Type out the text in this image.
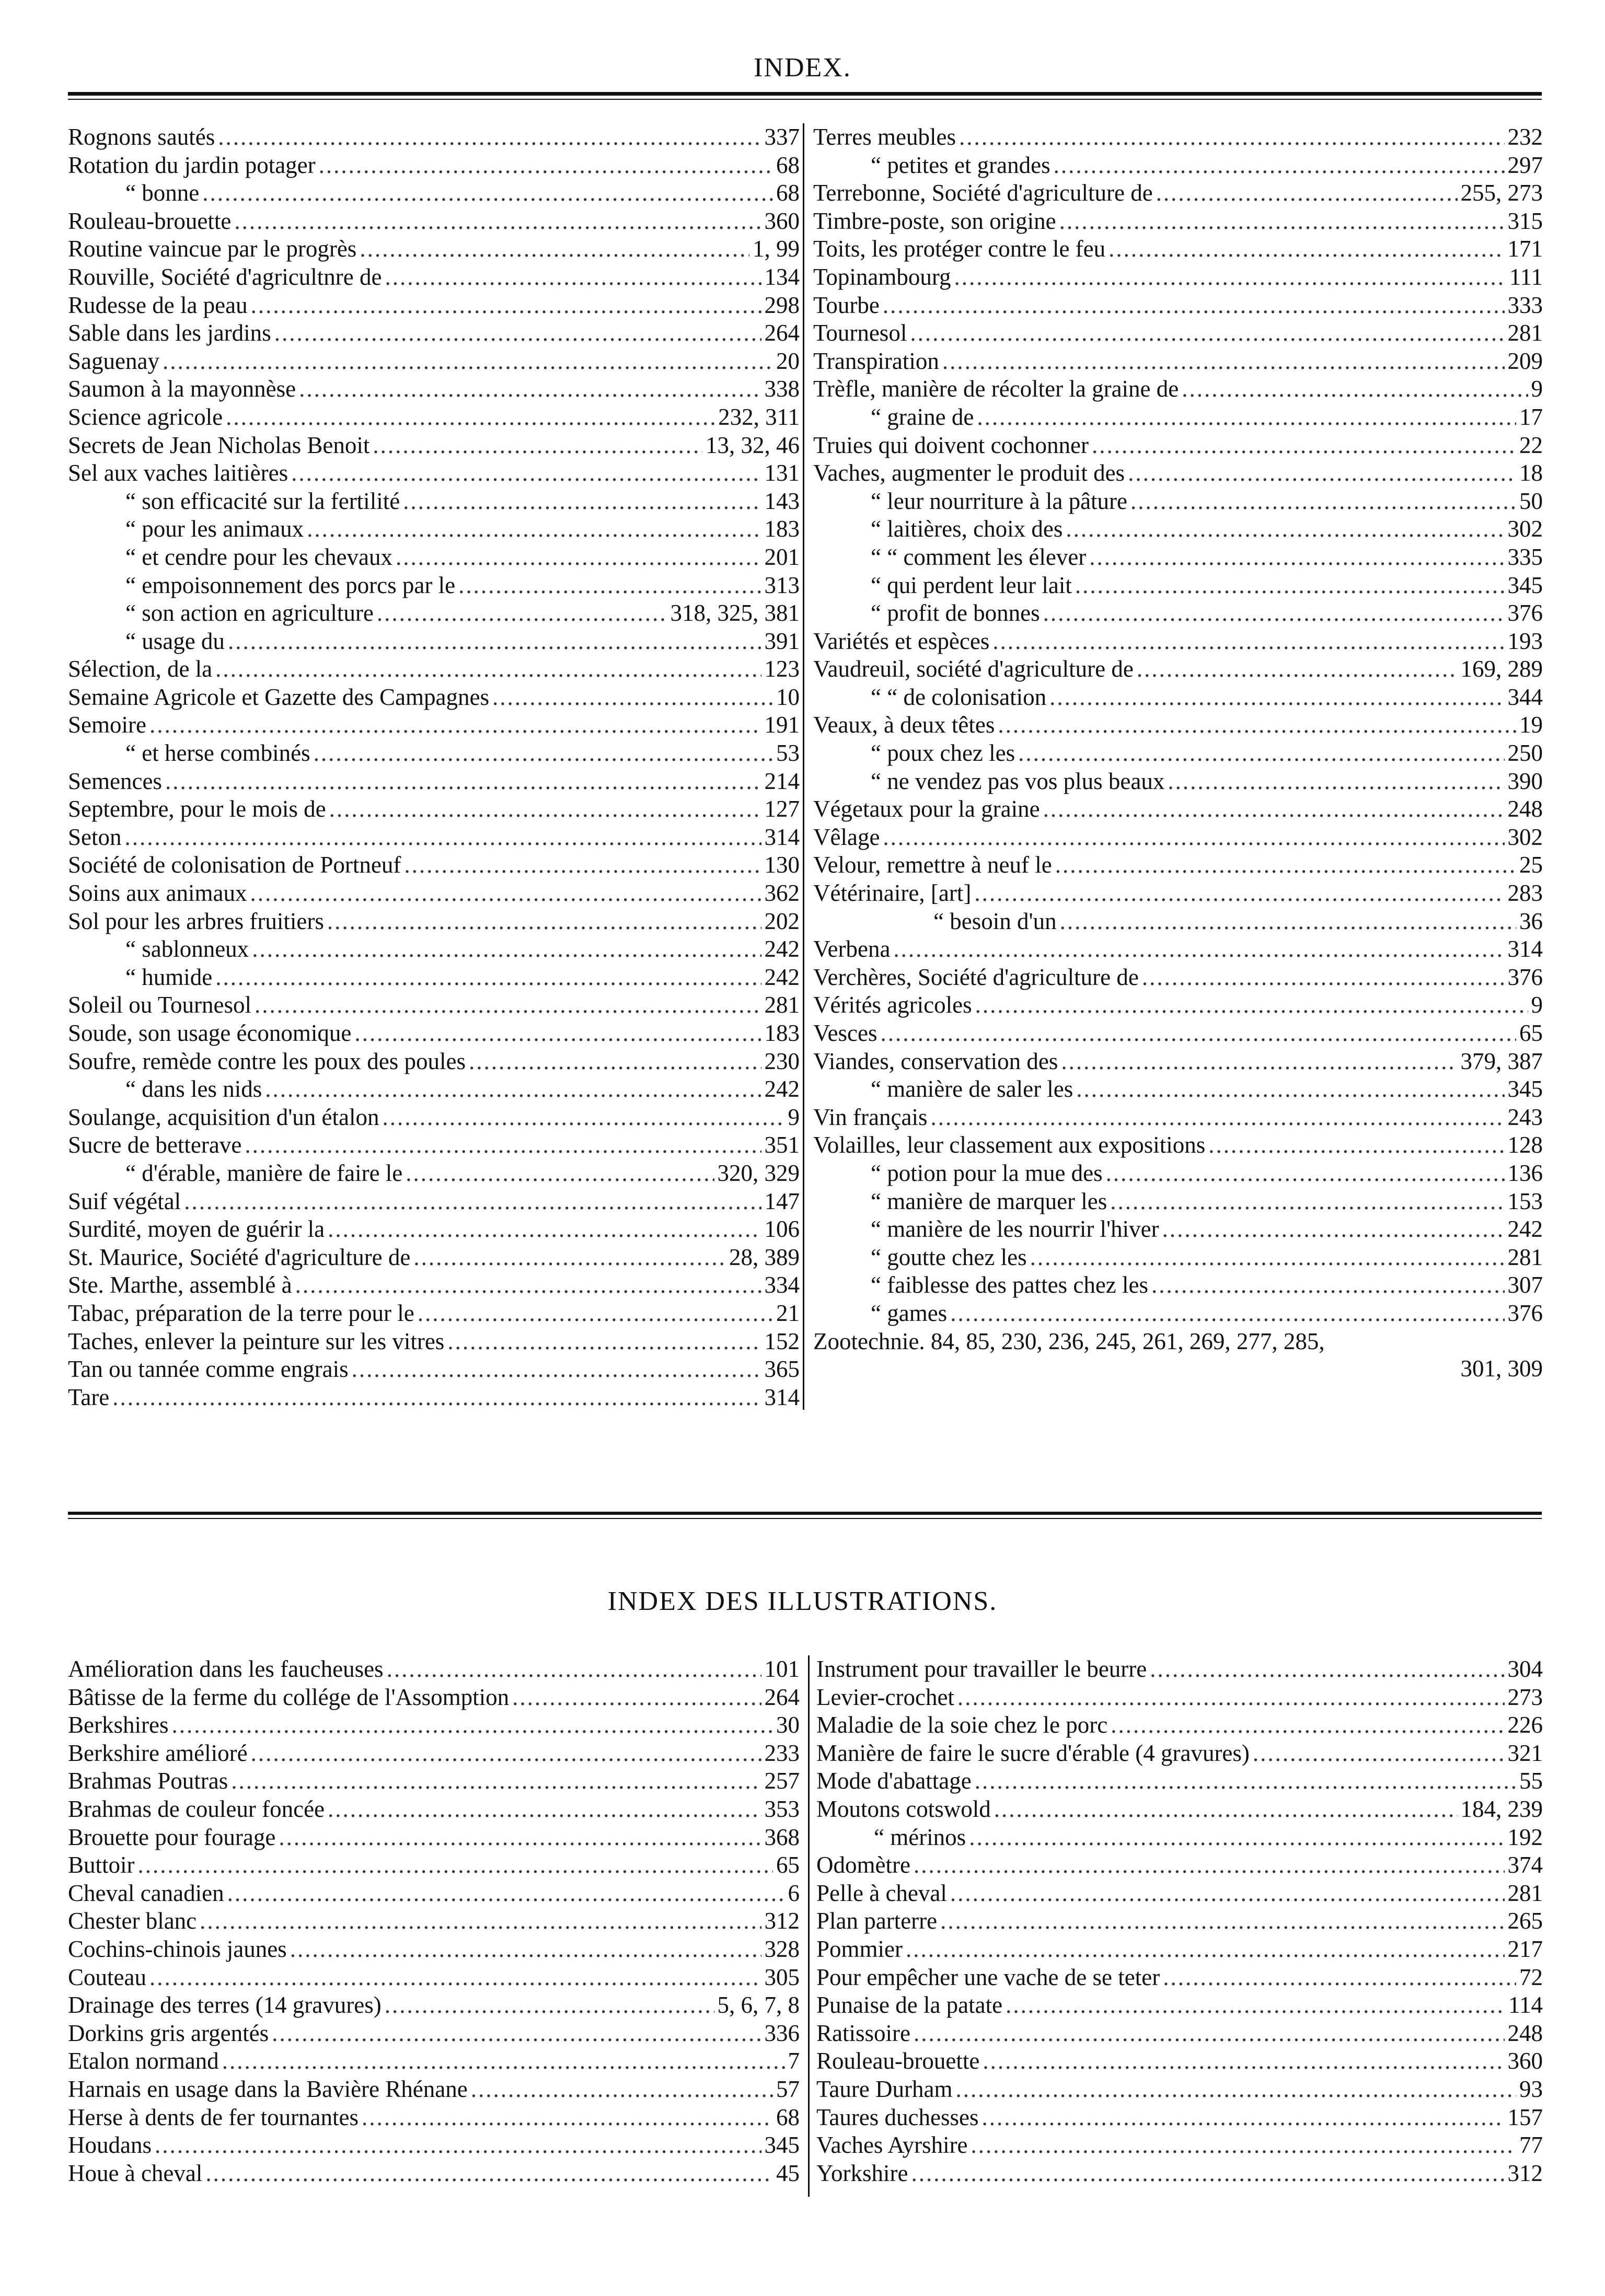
INDEX.
Rognons sautés .....	337
Rotation du jardin potager .....	68
“ bonne .....	68
Rouleau-brouette .....	360
Routine vaincue par le progrès .....	1, 99
Rouville, Société d'agricultnre de .....	134
Rudesse de la peau .....	298
Sable dans les jardins .....	264
Saguenay .....	20
Saumon à la mayonnèse .....	338
Science agricole .....	232, 311
Secrets de Jean Nicholas Benoit .....	13, 32, 46
Sel aux vaches laitières .....	131
“ son efficacité sur la fertilité .....	143
“ pour les animaux .....	183
“ et cendre pour les chevaux .....	201
“ empoisonnement des porcs par le .....	313
“ son action en agriculture .....	318, 325, 381
“ usage du .....	391
Sélection, de la .....	123
Semaine Agricole et Gazette des Campagnes .....	10
Semoire .....	191
“ et herse combinés .....	53
Semences .....	214
Septembre, pour le mois de .....	127
Seton .....	314
Société de colonisation de Portneuf .....	130
Soins aux animaux .....	362
Sol pour les arbres fruitiers .....	202
“ sablonneux .....	242
“ humide .....	242
Soleil ou Tournesol .....	281
Soude, son usage économique .....	183
Soufre, remède contre les poux des poules .....	230
“ dans les nids .....	242
Soulange, acquisition d'un étalon .....	9
Sucre de betterave .....	351
“ d'érable, manière de faire le .....	320, 329
Suif végétal .....	147
Surdité, moyen de guérir la .....	106
St. Maurice, Société d'agriculture de .....	28, 389
Ste. Marthe, assemblé à .....	334
Tabac, préparation de la terre pour le .....	21
Taches, enlever la peinture sur les vitres .....	152
Tan ou tannée comme engrais .....	365
Tare .....	314
Terres meubles .....	232
“ petites et grandes .....	297
Terrebonne, Société d'agriculture de .....	255, 273
Timbre-poste, son origine .....	315
Toits, les protéger contre le feu .....	171
Topinambourg .....	111
Tourbe .....	333
Tournesol .....	281
Transpiration .....	209
Trèfle, manière de récolter la graine de .....	9
“ graine de .....	17
Truies qui doivent cochonner .....	22
Vaches, augmenter le produit des .....	18
“ leur nourriture à la pâture .....	50
“ laitières, choix des .....	302
“ “ comment les élever .....	335
“ qui perdent leur lait .....	345
“ profit de bonnes .....	376
Variétés et espèces .....	193
Vaudreuil, société d'agriculture de .....	169, 289
“ “ de colonisation .....	344
Veaux, à deux têtes .....	19
“ poux chez les .....	250
“ ne vendez pas vos plus beaux .....	390
Végetaux pour la graine .....	248
Vêlage .....	302
Velour, remettre à neuf le .....	25
Vétérinaire, [art] .....	283
“ besoin d'un .....	36
Verbena .....	314
Verchères, Société d'agriculture de .....	376
Vérités agricoles .....	9
Vesces .....	65
Viandes, conservation des .....	379, 387
“ manière de saler les .....	345
Vin français .....	243
Volailles, leur classement aux expositions .....	128
“ potion pour la mue des .....	136
“ manière de marquer les .....	153
“ manière de les nourrir l'hiver .....	242
“ goutte chez les .....	281
“ faiblesse des pattes chez les .....	307
“ games .....	376
Zootechnie. 84, 85, 230, 236, 245, 261, 269, 277, 285,
301, 309
INDEX DES ILLUSTRATIONS.
Amélioration dans les faucheuses .....	101
Bâtisse de la ferme du collége de l'Assomption .....	264
Berkshires .....	30
Berkshire amélioré .....	233
Brahmas Poutras .....	257
Brahmas de couleur foncée .....	353
Brouette pour fourage .....	368
Buttoir .....	65
Cheval canadien .....	6
Chester blanc .....	312
Cochins-chinois jaunes .....	328
Couteau .....	305
Drainage des terres (14 gravures) .....	5, 6, 7, 8
Dorkins gris argentés .....	336
Etalon normand .....	7
Harnais en usage dans la Bavière Rhénane .....	57
Herse à dents de fer tournantes .....	68
Houdans .....	345
Houe à cheval .....	45
Instrument pour travailler le beurre .....	304
Levier-crochet .....	273
Maladie de la soie chez le porc .....	226
Manière de faire le sucre d'érable (4 gravures) .....	321
Mode d'abattage .....	55
Moutons cotswold .....	184, 239
“ mérinos .....	192
Odomètre .....	374
Pelle à cheval .....	281
Plan parterre .....	265
Pommier .....	217
Pour empêcher une vache de se teter .....	72
Punaise de la patate .....	114
Ratissoire .....	248
Rouleau-brouette .....	360
Taure Durham .....	93
Taures duchesses .....	157
Vaches Ayrshire .....	77
Yorkshire .....	312
